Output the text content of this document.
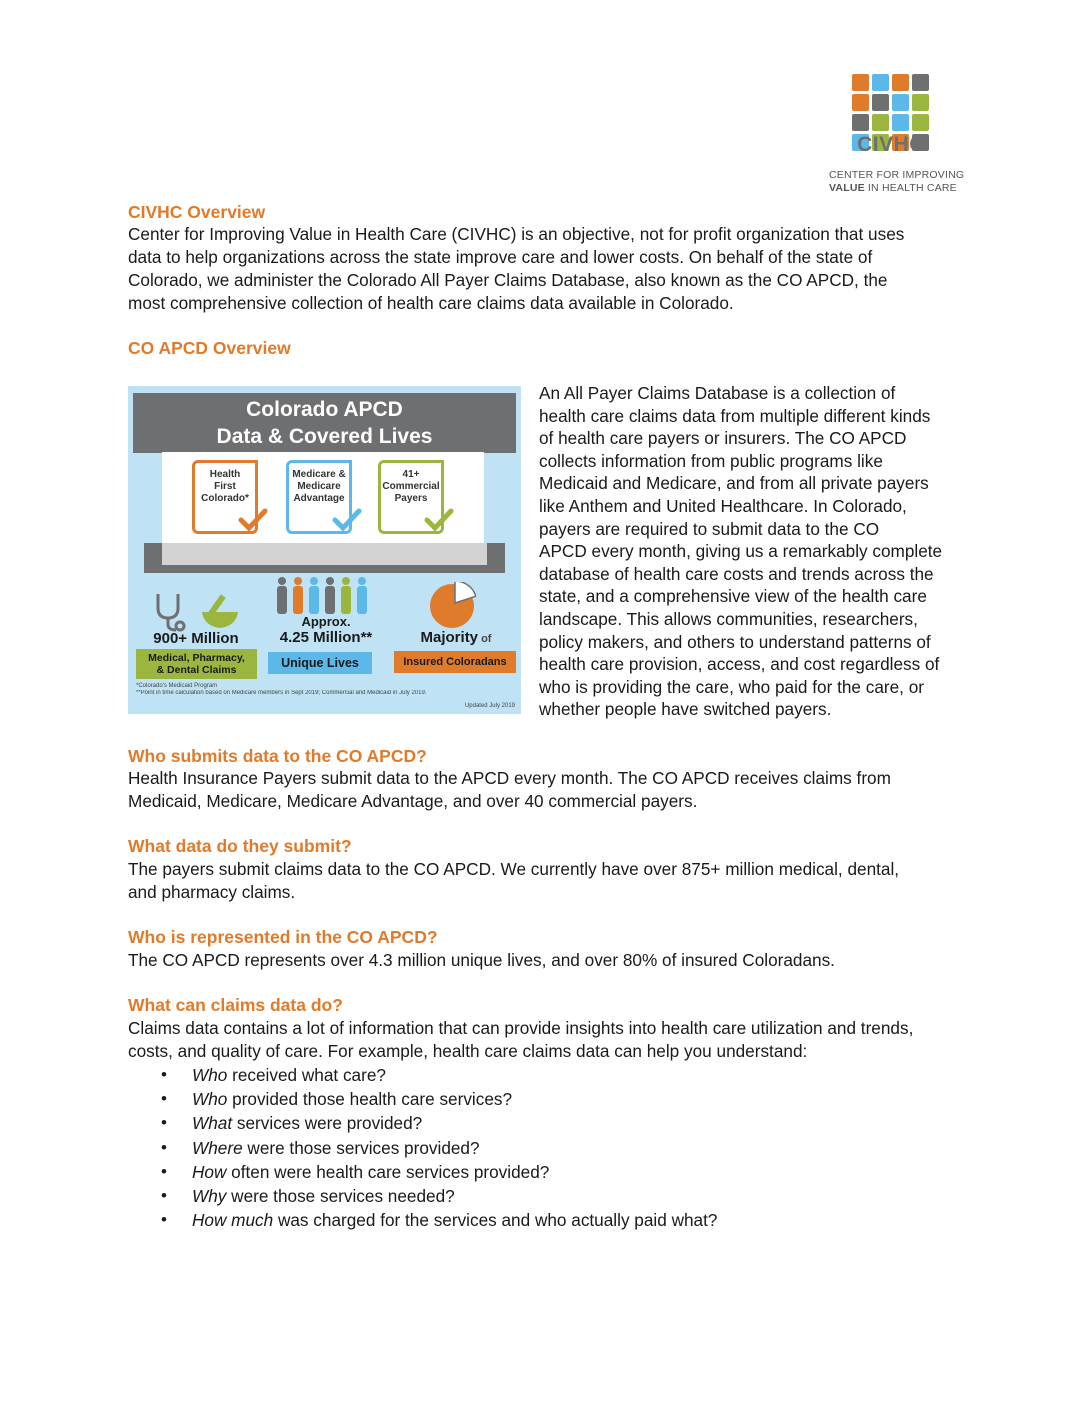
CIVHC
CENTER FOR IMPROVING
VALUE IN HEALTH CARE
CIVHC Overview
Center for Improving Value in Health Care (CIVHC) is an objective, not for profit organization that uses
data to help organizations across the state improve care and lower costs. On behalf of the state of
Colorado, we administer the Colorado All Payer Claims Database, also known as the CO APCD, the
most comprehensive collection of health care claims data available in Colorado.
CO APCD Overview
Colorado APCD
Data & Covered Lives
Health
First
Colorado*
Medicare &
Medicare
Advantage
41+
Commercial
Payers
900+ Million
Medical, Pharmacy,
& Dental Claims
Approx.
4.25 Million**
Unique Lives
Majority of
Insured Coloradans
*Colorado's Medicaid Program
**Point in time calculation based on Medicare members in Sept 2019; Commercial and Medicaid in July 2019.
Updated July 2019
An All Payer Claims Database is a collection of
health care claims data from multiple different kinds
of health care payers or insurers. The CO APCD
collects information from public programs like
Medicaid and Medicare, and from all private payers
like Anthem and United Healthcare. In Colorado,
payers are required to submit data to the CO
APCD every month, giving us a remarkably complete
database of health care costs and trends across the
state, and a comprehensive view of the health care
landscape. This allows communities, researchers,
policy makers, and others to understand patterns of
health care provision, access, and cost regardless of
who is providing the care, who paid for the care, or
whether people have switched payers.
Who submits data to the CO APCD?
Health Insurance Payers submit data to the APCD every month. The CO APCD receives claims from
Medicaid, Medicare, Medicare Advantage, and over 40 commercial payers.
What data do they submit?
The payers submit claims data to the CO APCD. We currently have over 875+ million medical, dental,
and pharmacy claims.
Who is represented in the CO APCD?
The CO APCD represents over 4.3 million unique lives, and over 80% of insured Coloradans.
What can claims data do?
Claims data contains a lot of information that can provide insights into health care utilization and trends,
costs, and quality of care. For example, health care claims data can help you understand:
• Who received what care?
• Who provided those health care services?
• What services were provided?
• Where were those services provided?
• How often were health care services provided?
• Why were those services needed?
• How much was charged for the services and who actually paid what?
